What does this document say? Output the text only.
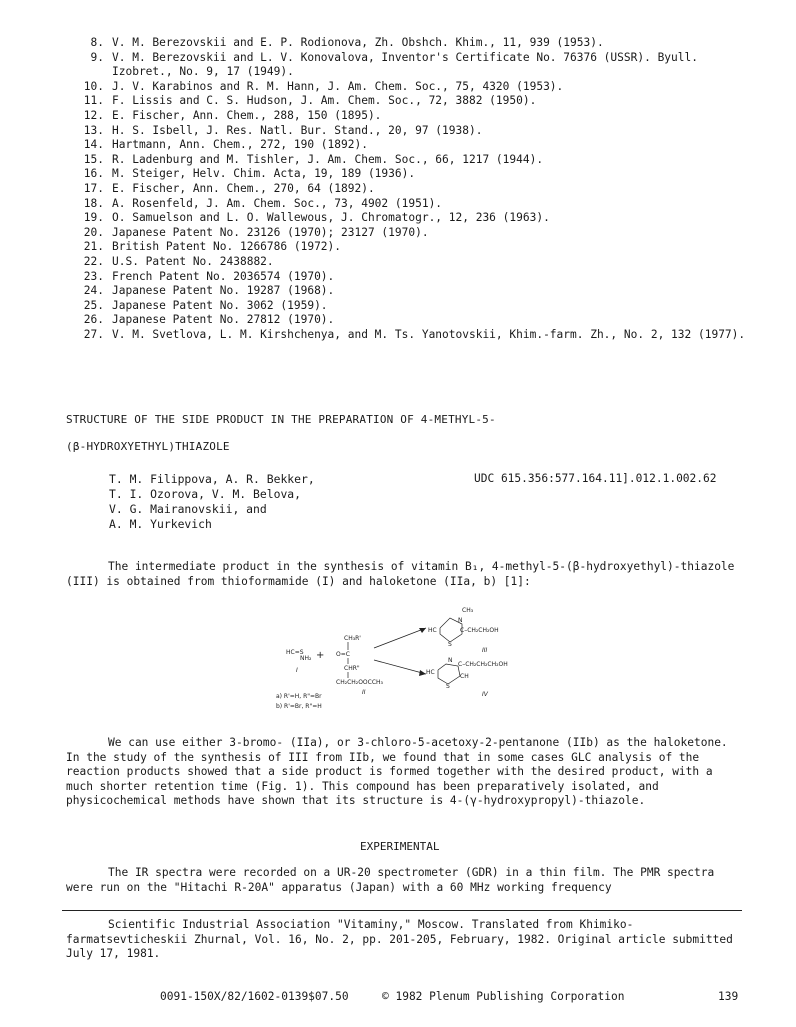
8. V. M. Berezovskii and E. P. Rodionova, Zh. Obshch. Khim., 11, 939 (1953).
9. V. M. Berezovskii and L. V. Konovalova, Inventor's Certificate No. 76376 (USSR). Byull. Izobret., No. 9, 17 (1949).
10. J. V. Karabinos and R. M. Hann, J. Am. Chem. Soc., 75, 4320 (1953).
11. F. Lissis and C. S. Hudson, J. Am. Chem. Soc., 72, 3882 (1950).
12. E. Fischer, Ann. Chem., 288, 150 (1895).
13. H. S. Isbell, J. Res. Natl. Bur. Stand., 20, 97 (1938).
14. Hartmann, Ann. Chem., 272, 190 (1892).
15. R. Ladenburg and M. Tishler, J. Am. Chem. Soc., 66, 1217 (1944).
16. M. Steiger, Helv. Chim. Acta, 19, 189 (1936).
17. E. Fischer, Ann. Chem., 270, 64 (1892).
18. A. Rosenfeld, J. Am. Chem. Soc., 73, 4902 (1951).
19. O. Samuelson and L. O. Wallewous, J. Chromatogr., 12, 236 (1963).
20. Japanese Patent No. 23126 (1970); 23127 (1970).
21. British Patent No. 1266786 (1972).
22. U.S. Patent No. 2438882.
23. French Patent No. 2036574 (1970).
24. Japanese Patent No. 19287 (1968).
25. Japanese Patent No. 3062 (1959).
26. Japanese Patent No. 27812 (1970).
27. V. M. Svetlova, L. M. Kirshchenya, and M. Ts. Yanotovskii, Khim.-farm. Zh., No. 2, 132 (1977).
STRUCTURE OF THE SIDE PRODUCT IN THE PREPARATION OF 4-METHYL-5-
(β-HYDROXYETHYL)THIAZOLE
T. M. Filippova, A. R. Bekker,
T. I. Ozorova, V. M. Belova,
V. G. Mairanovskii, and
A. M. Yurkevich
UDC 615.356:577.164.11].012.1.002.62

The intermediate product in the synthesis of vitamin B₁, 4-methyl-5-(β-hydroxyethyl)-thiazole (III) is obtained from thioformamide (I) and haloketone (IIa, b) [1]:

HC=S
NH₂
I
+
CH₃R'
O=C
CHR"
CH₂CH₂OOCCH₃
II
a) R'=H, R"=Br
b) R'=Br, R"=H
CH₃
N
HC	C–CH₂CH₂OH
S
III
N
HC
C–CH₂CH₂CH₂OH
CH
S
IV

We can use either 3-bromo- (IIa), or 3-chloro-5-acetoxy-2-pentanone (IIb) as the haloketone. In the study of the synthesis of III from IIb, we found that in some cases GLC analysis of the reaction products showed that a side product is formed together with the desired product, with a much shorter retention time (Fig. 1). This compound has been preparatively isolated, and physicochemical methods have shown that its structure is 4-(γ-hydroxypropyl)-thiazole.

EXPERIMENTAL

The IR spectra were recorded on a UR-20 spectrometer (GDR) in a thin film. The PMR spectra were run on the "Hitachi R-20A" apparatus (Japan) with a 60 MHz working frequency

Scientific Industrial Association "Vitaminy," Moscow. Translated from Khimiko-farmatsevticheskii Zhurnal, Vol. 16, No. 2, pp. 201-205, February, 1982. Original article submitted July 17, 1981.

0091-150X/82/1602-0139$07.50	© 1982 Plenum Publishing Corporation	139
